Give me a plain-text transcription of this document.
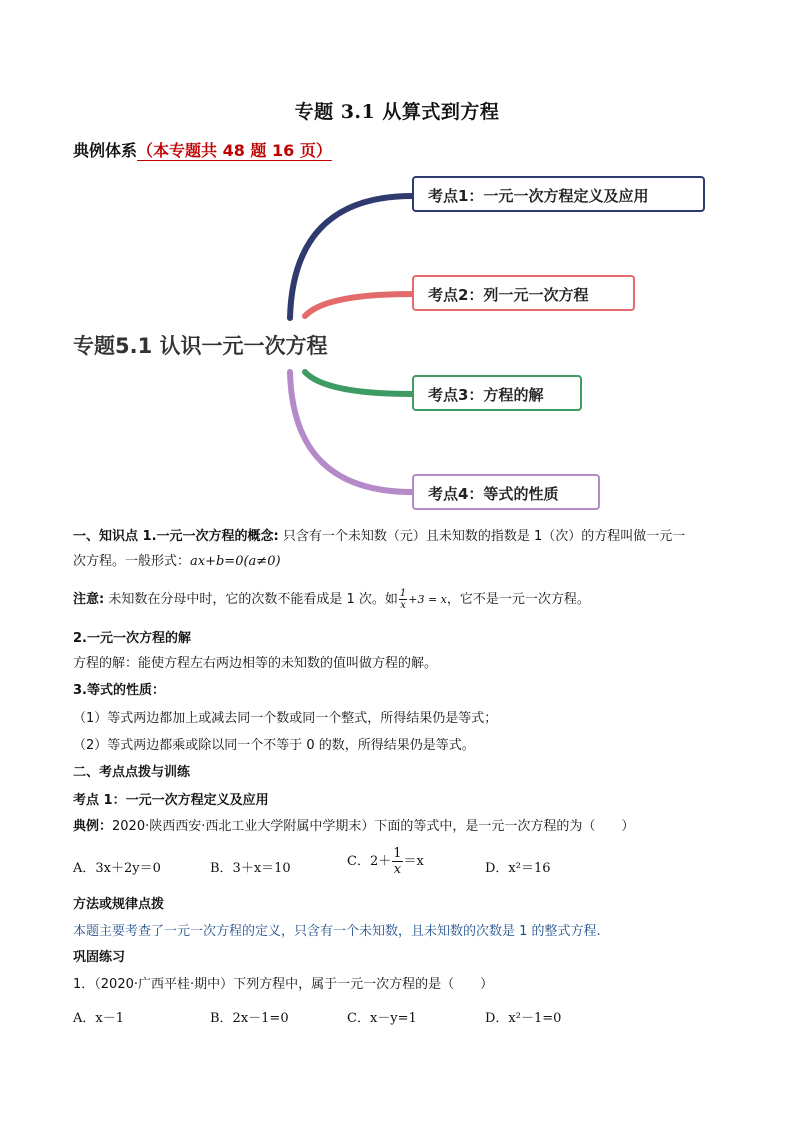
专题 3.1 从算式到方程
典例体系（本专题共 48 题 16 页）
专题5.1 认识一元一次方程
考点1：一元一次方程定义及应用
考点2：列一元一次方程
考点3：方程的解
考点4：等式的性质
一、知识点 1.一元一次方程的概念: 只含有一个未知数（元）且未知数的指数是 1（次）的方程叫做一元一
次方程。一般形式：ax+b=0(a≠0)
注意: 未知数在分母中时，它的次数不能看成是 1 次。如 $\frac{1}{x} +3 = x$，它不是一元一次方程。
2.一元一次方程的解
方程的解：能使方程左右两边相等的未知数的值叫做方程的解。
3.等式的性质：
（1）等式两边都加上或减去同一个数或同一个整式，所得结果仍是等式；
（2）等式两边都乘或除以同一个不等于 0 的数，所得结果仍是等式。
二、考点点拨与训练
考点 1：一元一次方程定义及应用
典例：2020·陕西西安·西北工业大学附属中学期末）下面的等式中，是一元一次方程的为（　　）
A．3x＋2y＝0	B．3＋x＝10	C．$2+ \frac{1}{x} =x$	D．x²＝16
方法或规律点拨
本题主要考查了一元一次方程的定义，只含有一个未知数，且未知数的次数是 1 的整式方程.
巩固练习
1．（2020·广西平桂·期中）下列方程中，属于一元一次方程的是（　　）
A．x－1	B．2x－1=0	C．x－y=1	D．x²－1=0
